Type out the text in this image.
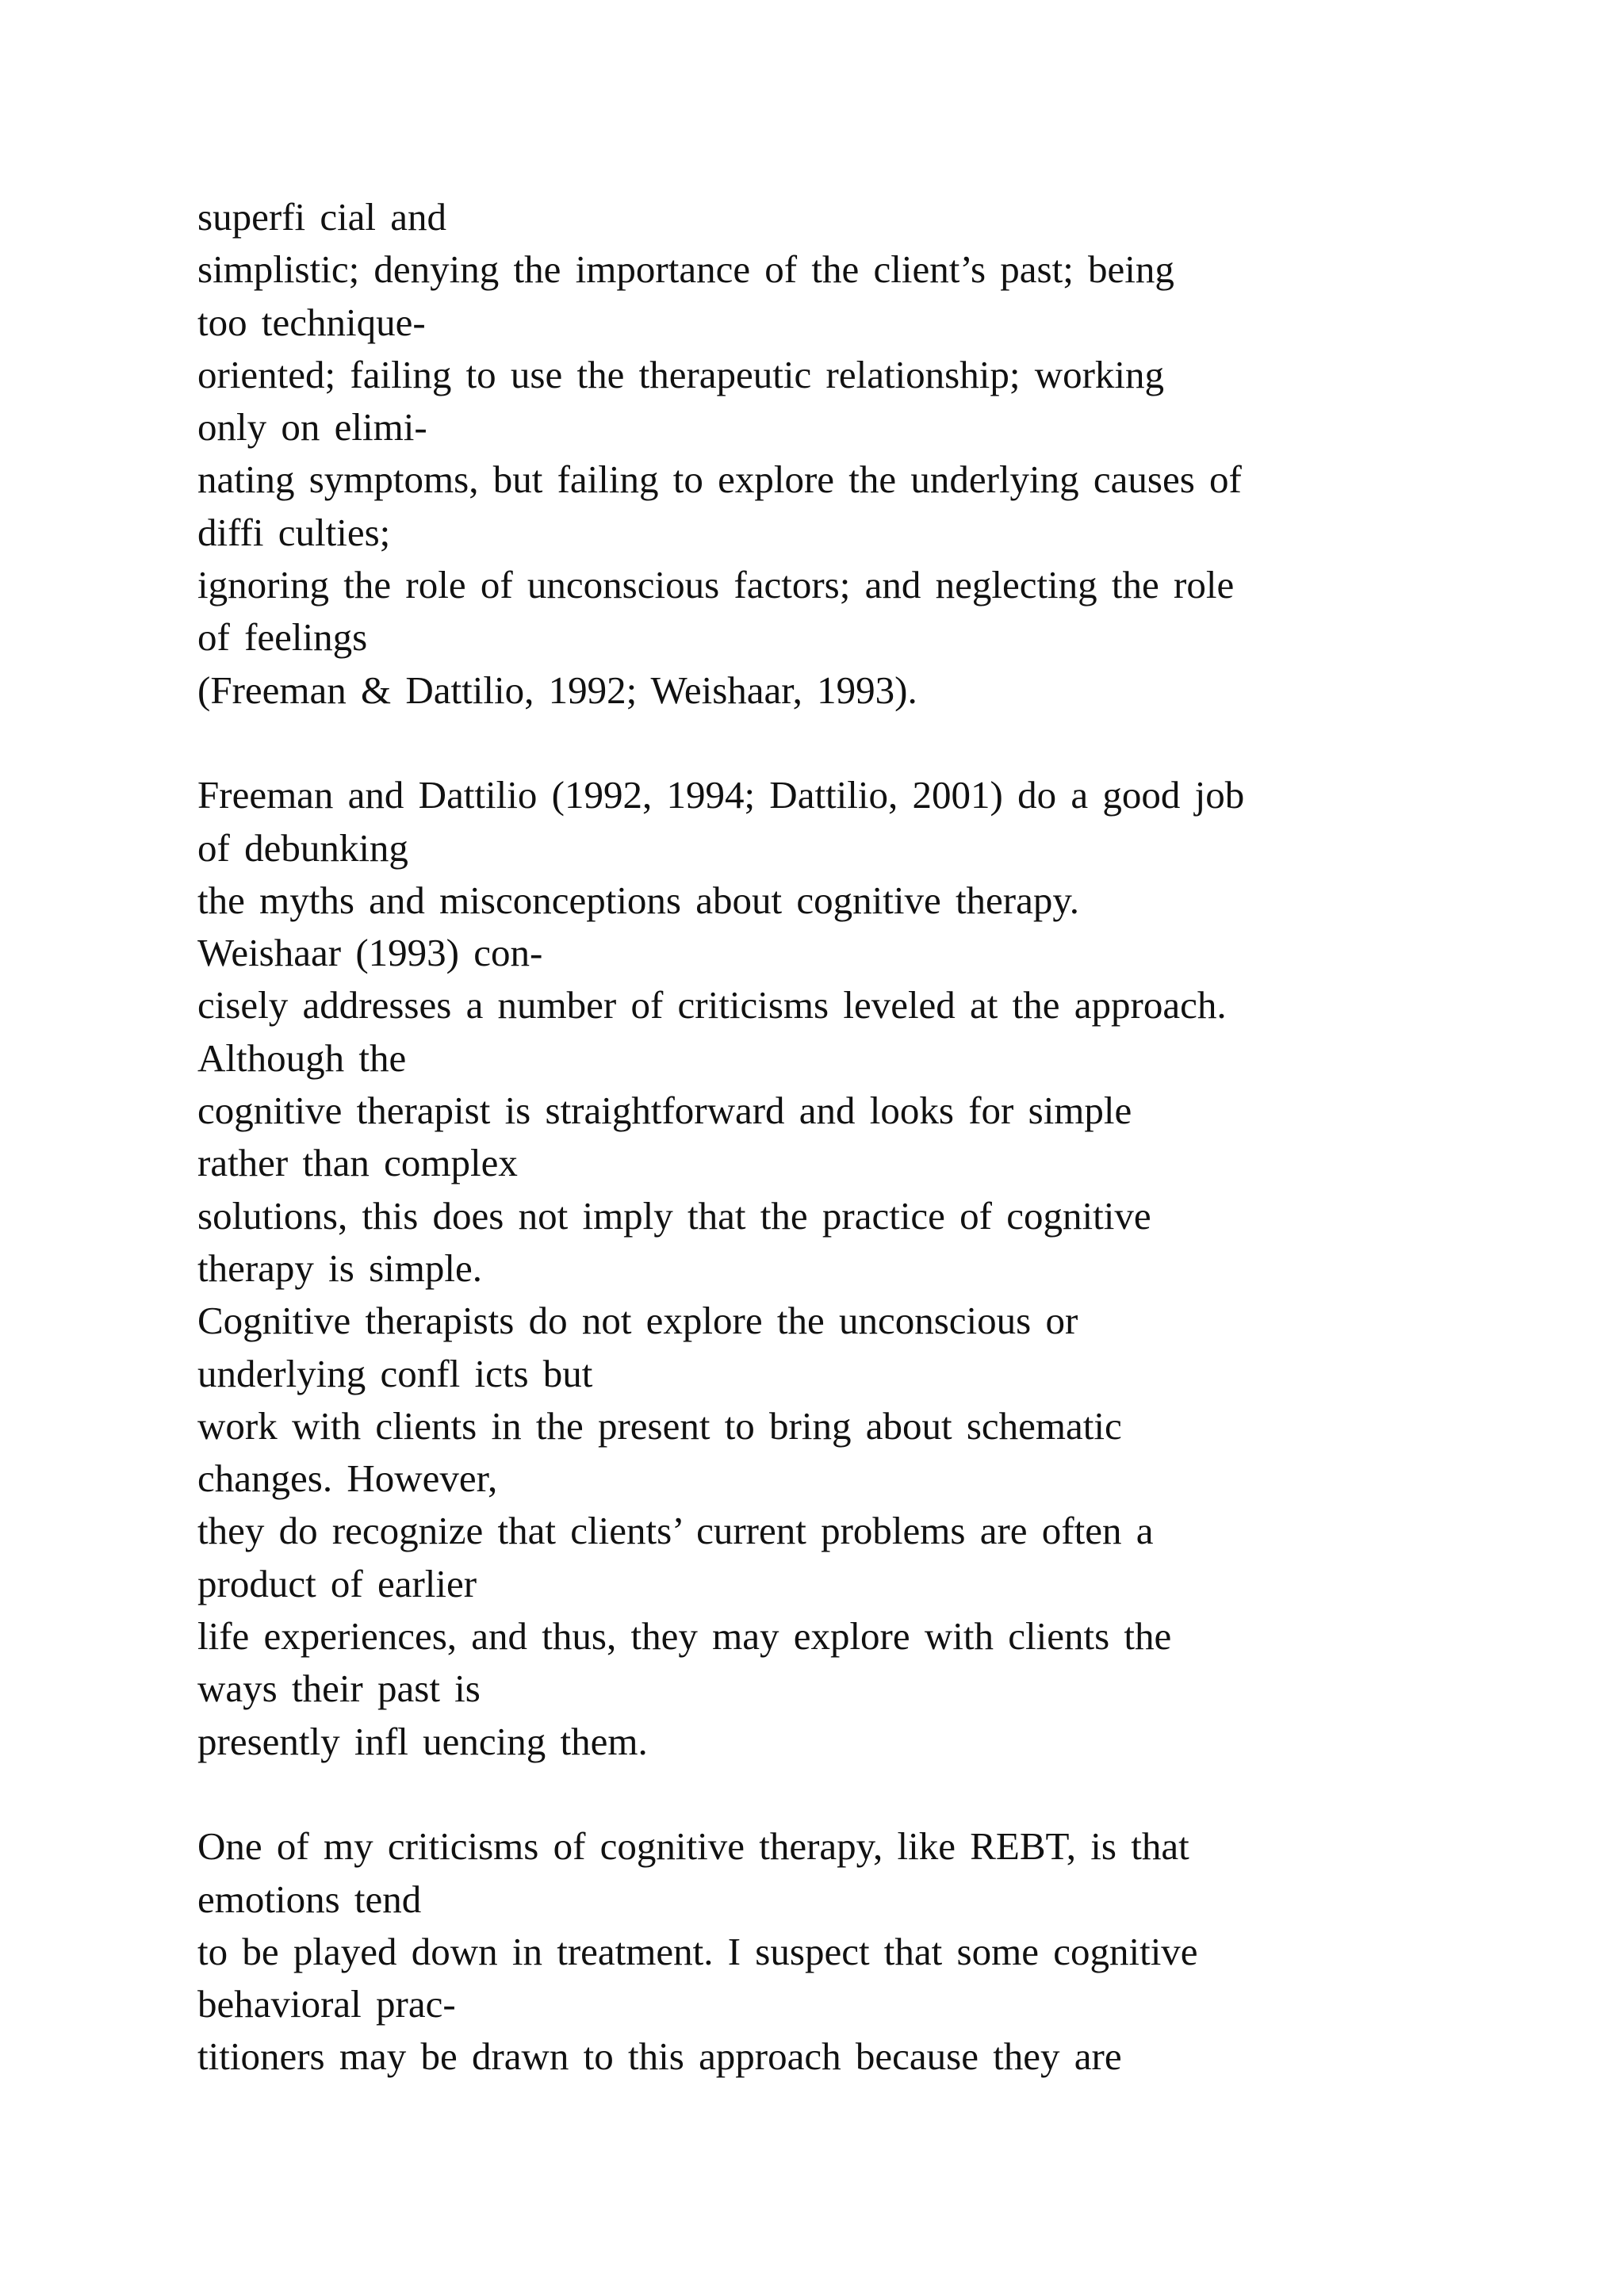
superfi cial and
simplistic; denying the importance of the client’s past; being
too technique-
oriented; failing to use the therapeutic relationship; working
only on elimi-
nating symptoms, but failing to explore the underlying causes of
diffi culties;
ignoring the role of unconscious factors; and neglecting the role
of feelings
(Freeman & Dattilio, 1992; Weishaar, 1993).
Freeman and Dattilio (1992, 1994; Dattilio, 2001) do a good job
of debunking
the myths and misconceptions about cognitive therapy.
Weishaar (1993) con-
cisely addresses a number of criticisms leveled at the approach.
Although the
cognitive therapist is straightforward and looks for simple
rather than complex
solutions, this does not imply that the practice of cognitive
therapy is simple.
Cognitive therapists do not explore the unconscious or
underlying confl icts but
work with clients in the present to bring about schematic
changes. However,
they do recognize that clients’ current problems are often a
product of earlier
life experiences, and thus, they may explore with clients the
ways their past is
presently infl uencing them.
One of my criticisms of cognitive therapy, like REBT, is that
emotions tend
to be played down in treatment. I suspect that some cognitive
behavioral prac-
titioners may be drawn to this approach because they are
